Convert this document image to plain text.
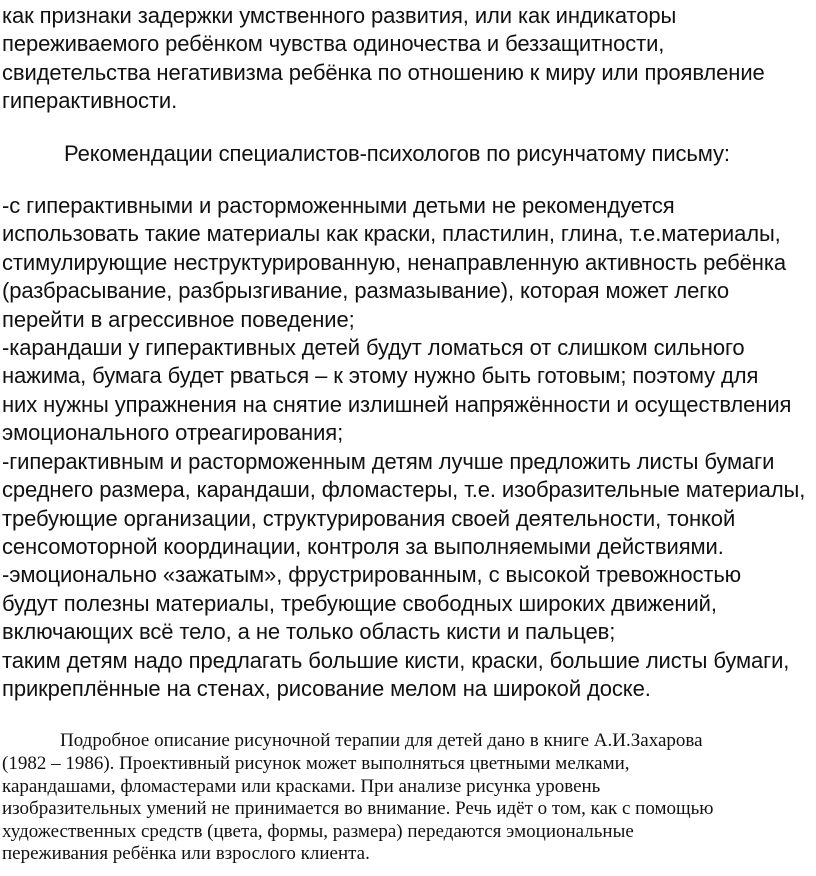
как признаки задержки умственного развития, или как индикаторы
переживаемого ребёнком чувства одиночества и беззащитности,
свидетельства негативизма ребёнка по отношению к миру или проявление
гиперактивности.

Рекомендации специалистов-психологов по рисунчатому письму:

-с гиперактивными и расторможенными детьми не рекомендуется
использовать такие материалы как краски, пластилин, глина, т.е.материалы,
стимулирующие неструктурированную, ненаправленную активность ребёнка
(разбрасывание, разбрызгивание, размазывание), которая может легко
перейти в агрессивное поведение;

-карандаши у гиперактивных детей будут ломаться от слишком сильного
нажима, бумага будет рваться – к этому нужно быть готовым; поэтому для
них нужны упражнения на снятие излишней напряжённости и осуществления
эмоционального отреагирования;

-гиперактивным и расторможенным детям лучше предложить листы бумаги
среднего размера, карандаши, фломастеры, т.е. изобразительные материалы,
требующие организации, структурирования своей деятельности, тонкой
сенсомоторной координации, контроля за выполняемыми действиями.

-эмоционально «зажатым», фрустрированным, с высокой тревожностью
будут полезны материалы, требующие свободных широких движений,
включающих всё тело, а не только область кисти и пальцев;
таким детям надо предлагать большие кисти, краски, большие листы бумаги,
прикреплённые на стенах, рисование мелом на широкой доске.

Подробное описание рисуночной терапии для детей дано в книге А.И.Захарова
(1982 – 1986). Проективный рисунок может выполняться цветными мелками,
карандашами, фломастерами или красками. При анализе рисунка уровень
изобразительных умений не принимается во внимание. Речь идёт о том, как с помощью
художественных средств (цвета, формы, размера) передаются эмоциональные
переживания ребёнка или взрослого клиента.
